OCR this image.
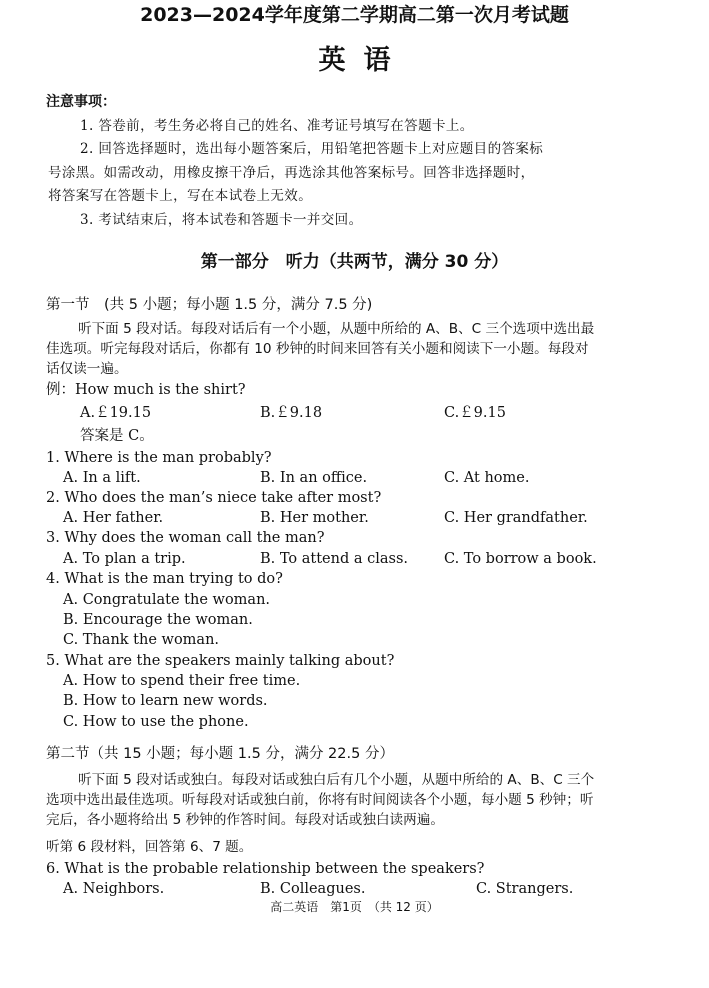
2023—2024学年度第二学期高二第一次月考试题
英语
注意事项：
1. 答卷前，考生务必将自己的姓名、准考证号填写在答题卡上。
2. 回答选择题时，选出每小题答案后，用铅笔把答题卡上对应题目的答案标
号涂黑。如需改动，用橡皮擦干净后，再选涂其他答案标号。回答非选择题时，
将答案写在答题卡上，写在本试卷上无效。
3. 考试结束后，将本试卷和答题卡一并交回。
第一部分　听力（共两节，满分 30 分）
第一节　(共 5 小题；每小题 1.5 分，满分 7.5 分)
听下面 5 段对话。每段对话后有一个小题，从题中所给的 A、B、C 三个选项中选出最
佳选项。听完每段对话后，你都有 10 秒钟的时间来回答有关小题和阅读下一小题。每段对
话仅读一遍。
例：How much is the shirt?
A.￡19.15	B.￡9.18	C.￡9.15
答案是 C。
1. Where is the man probably?
A. In a lift.	B. In an office.	C. At home.
2. Who does the man’s niece take after most?
A. Her father.	B. Her mother.	C. Her grandfather.
3. Why does the woman call the man?
A. To plan a trip.	B. To attend a class. C. To borrow a book.
4. What is the man trying to do?
A. Congratulate the woman.
B. Encourage the woman.
C. Thank the woman.
5. What are the speakers mainly talking about?
A. How to spend their free time.
B. How to learn new words.
C. How to use the phone.
第二节（共 15 小题；每小题 1.5 分，满分 22.5 分）
听下面 5 段对话或独白。每段对话或独白后有几个小题，从题中所给的 A、B、C 三个
选项中选出最佳选项。听每段对话或独白前，你将有时间阅读各个小题，每小题 5 秒钟；听
完后，各小题将给出 5 秒钟的作答时间。每段对话或独白读两遍。
听第 6 段材料，回答第 6、7 题。
6. What is the probable relationship between the speakers?
A. Neighbors.	B. Colleagues.	C. Strangers.
高二英语　第1页　（共 12 页）
